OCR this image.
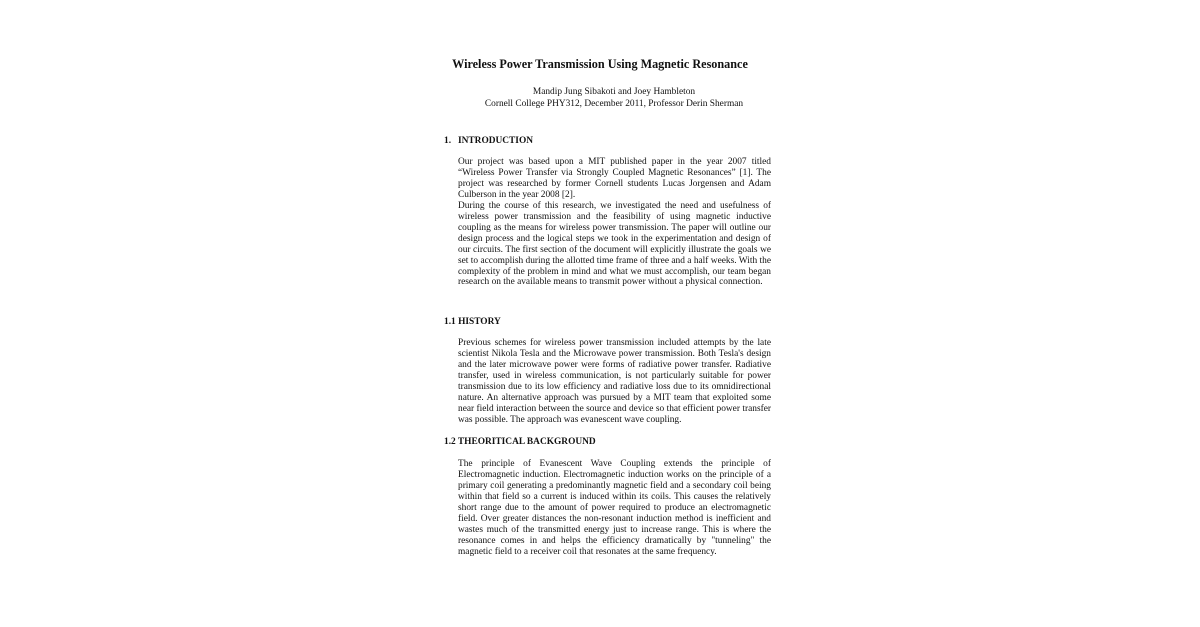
Wireless Power Transmission Using Magnetic Resonance
Mandip Jung Sibakoti and Joey Hambleton
Cornell College PHY312, December 2011, Professor Derin Sherman
1. INTRODUCTION

Our project was based upon a MIT published paper in the year 2007 titled “Wireless Power Transfer via Strongly Coupled Magnetic Resonances” [1]. The project was researched by former Cornell students Lucas Jorgensen and Adam Culberson in the year 2008 [2].

During the course of this research, we investigated the need and usefulness of wireless power transmission and the feasibility of using magnetic inductive coupling as the means for wireless power transmission. The paper will outline our design process and the logical steps we took in the experimentation and design of our circuits. The first section of the document will explicitly illustrate the goals we set to accomplish during the allotted time frame of three and a half weeks. With the complexity of the problem in mind and what we must accomplish, our team began research on the available means to transmit power without a physical connection.

1.1 HISTORY

Previous schemes for wireless power transmission included attempts by the late scientist Nikola Tesla and the Microwave power transmission. Both Tesla's design and the later microwave power were forms of radiative power transfer. Radiative transfer, used in wireless communication, is not particularly suitable for power transmission due to its low efficiency and radiative loss due to its omnidirectional nature. An alternative approach was pursued by a MIT team that exploited some near field interaction between the source and device so that efficient power transfer was possible. The approach was evanescent wave coupling.

1.2 THEORITICAL BACKGROUND

The principle of Evanescent Wave Coupling extends the principle of Electromagnetic induction. Electromagnetic induction works on the principle of a primary coil generating a predominantly magnetic field and a secondary coil being within that field so a current is induced within its coils. This causes the relatively short range due to the amount of power required to produce an electromagnetic field. Over greater distances the non-resonant induction method is inefficient and wastes much of the transmitted energy just to increase range. This is where the resonance comes in and helps the efficiency dramatically by "tunneling" the magnetic field to a receiver coil that resonates at the same frequency.
